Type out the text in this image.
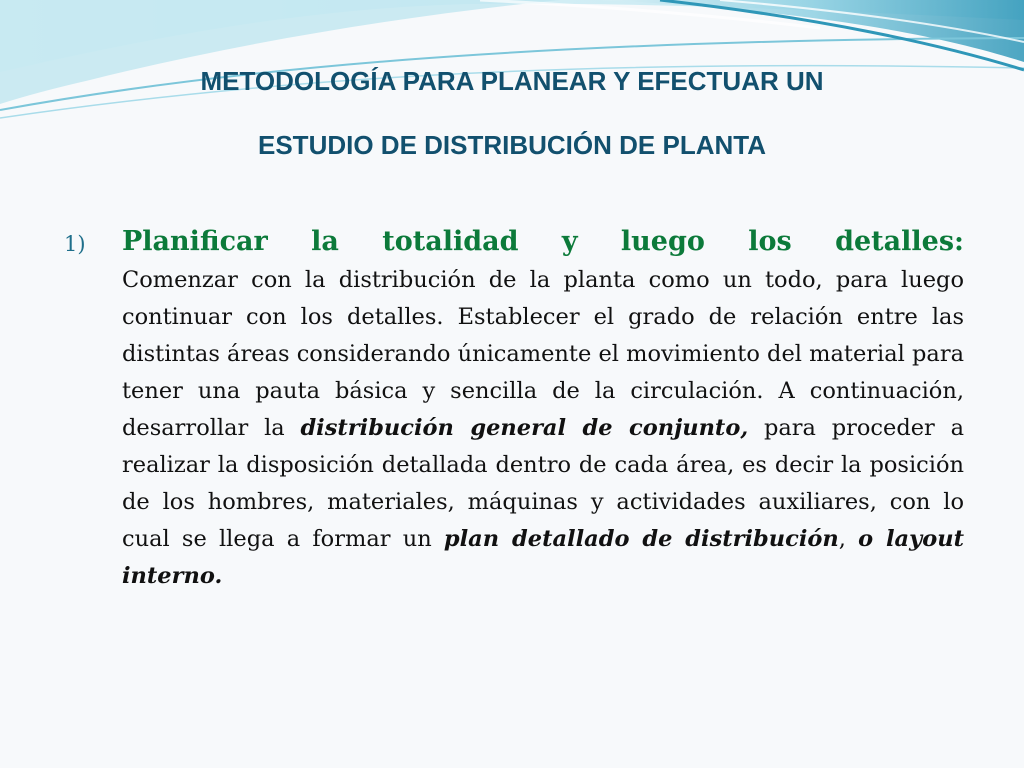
METODOLOGÍA PARA PLANEAR Y EFECTUAR UN
ESTUDIO DE DISTRIBUCIÓN DE PLANTA
1) Planificar la totalidad y luego los detalles:
Comenzar con la distribución de la planta como un todo, para luego continuar con los detalles. Establecer el grado de relación entre las distintas áreas considerando únicamente el movimiento del material para tener una pauta básica y sencilla de la circulación. A continuación, desarrollar la distribución general de conjunto, para proceder a realizar la disposición detallada dentro de cada área, es decir la posición de los hombres, materiales, máquinas y actividades auxiliares, con lo cual se llega a formar un plan detallado de distribución, o layout interno.
